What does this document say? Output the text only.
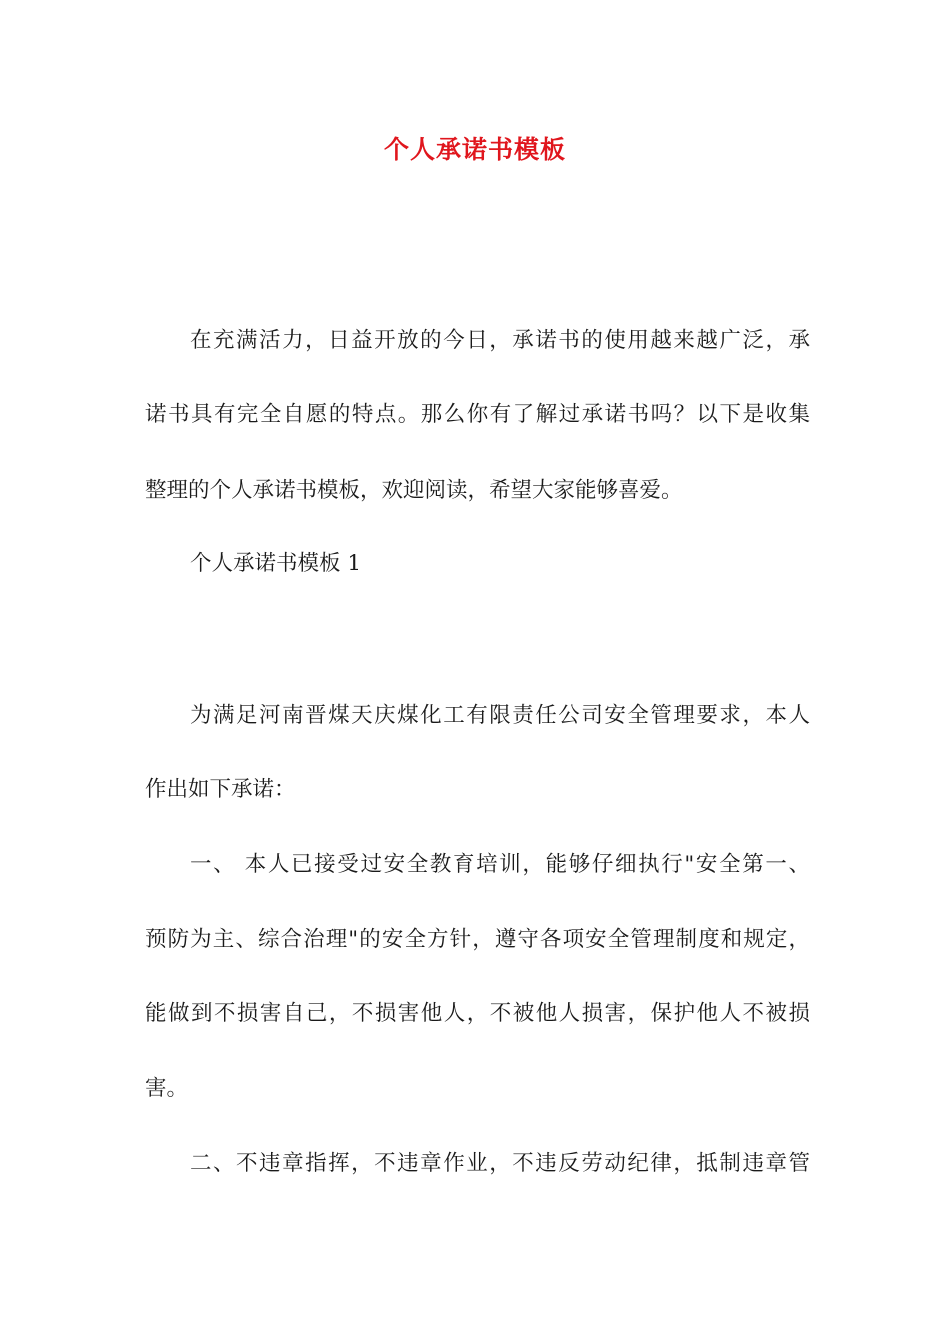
个人承诺书模板
在充满活力，日益开放的今日，承诺书的使用越来越广泛，承
诺书具有完全自愿的特点。那么你有了解过承诺书吗？以下是收集
整理的个人承诺书模板，欢迎阅读，希望大家能够喜爱。
个人承诺书模板 1
为满足河南晋煤天庆煤化工有限责任公司安全管理要求，本人
作出如下承诺：
一、 本人已接受过安全教育培训，能够仔细执行"安全第一、
预防为主、综合治理"的安全方针，遵守各项安全管理制度和规定，
能做到不损害自己，不损害他人，不被他人损害，保护他人不被损
害。
二、不违章指挥，不违章作业，不违反劳动纪律，抵制违章管
